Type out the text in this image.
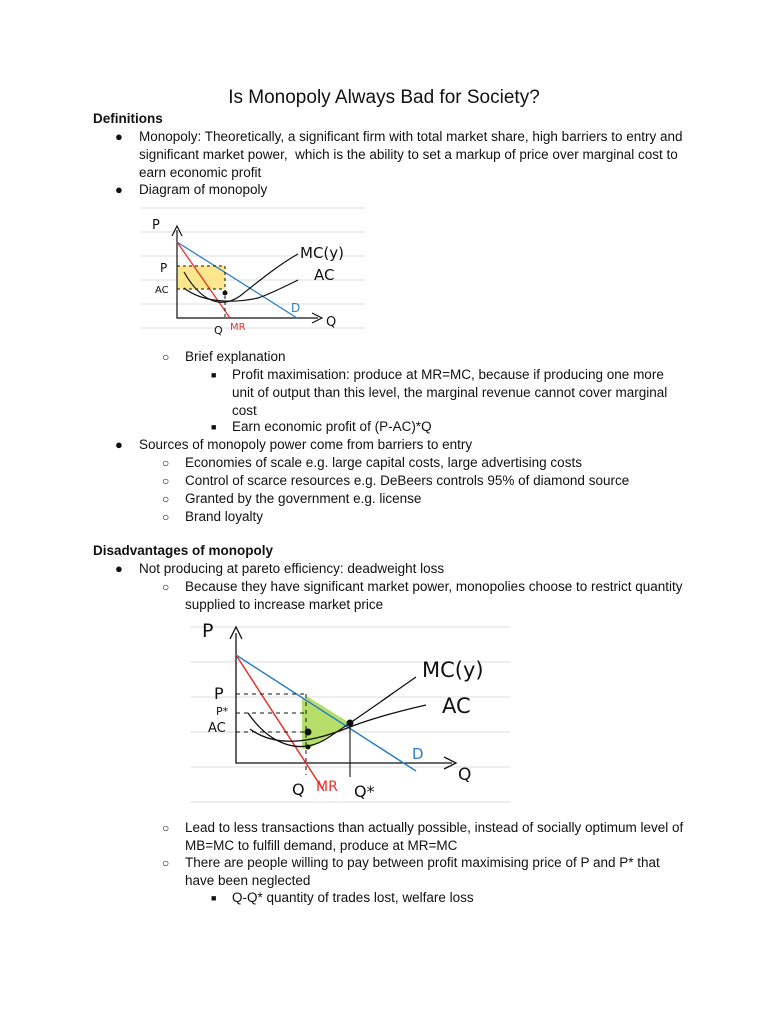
Is Monopoly Always Bad for Society?
Definitions
● Monopoly: Theoretically, a significant firm with total market share, high barriers to entry and significant market power,  which is the ability to set a markup of price over marginal cost to earn economic profit
● Diagram of monopoly
P
P
AC
Q
Q MR
MC(y)
AC
D
○ Brief explanation
■ Profit maximisation: produce at MR=MC, because if producing one more unit of output than this level, the marginal revenue cannot cover marginal cost
■ Earn economic profit of (P-AC)*Q
● Sources of monopoly power come from barriers to entry
○ Economies of scale e.g. large capital costs, large advertising costs
○ Control of scarce resources e.g. DeBeers controls 95% of diamond source
○ Granted by the government e.g. license
○ Brand loyalty
Disadvantages of monopoly
● Not producing at pareto efficiency: deadweight loss
○ Because they have significant market power, monopolies choose to restrict quantity supplied to increase market price
P
P
P*
AC
Q
Q MR Q*
MC(y)
AC
D
○ Lead to less transactions than actually possible, instead of socially optimum level of MB=MC to fulfill demand, produce at MR=MC
○ There are people willing to pay between profit maximising price of P and P* that have been neglected
■ Q-Q* quantity of trades lost, welfare loss
